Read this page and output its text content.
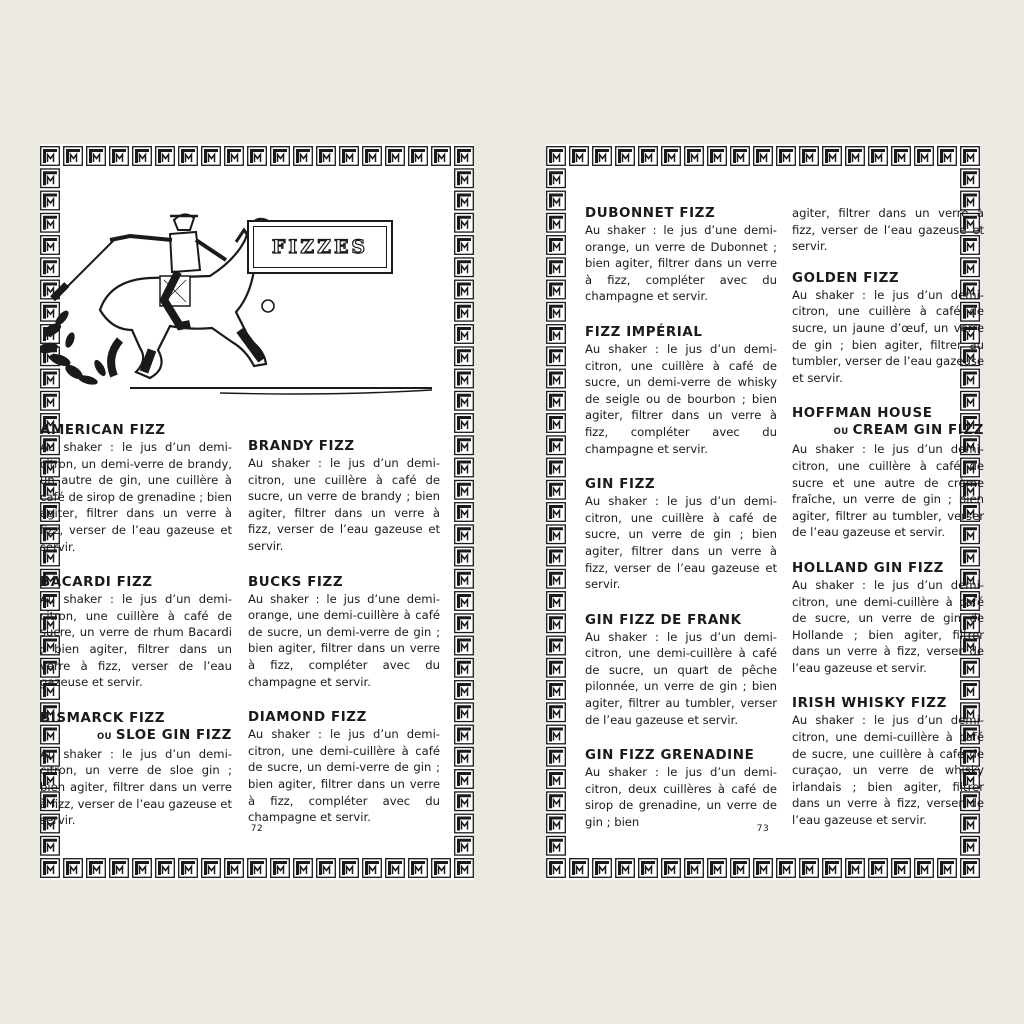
FIZZES
AMERICAN FIZZ

Au shaker : le jus d’un demi-citron, un demi-verre de brandy, un autre de gin, une cuillère à café de sirop de grenadine ; bien agiter, filtrer dans un verre à fizz, verser de l’eau gazeuse et servir.

BACARDI FIZZ

Au shaker : le jus d’un demi-citron, une cuillère à café de sucre, un verre de rhum Bacardi ; bien agiter, filtrer dans un verre à fizz, verser de l’eau gazeuse et servir.

BISMARCK FIZZ
OU SLOE GIN FIZZ

Au shaker : le jus d’un demi-citron, un verre de sloe gin ; bien agiter, filtrer dans un verre à fizz, verser de l’eau gazeuse et servir.

BRANDY FIZZ

Au shaker : le jus d’un demi-citron, une cuillère à café de sucre, un verre de brandy ; bien agiter, filtrer dans un verre à fizz, verser de l’eau gazeuse et servir.

BUCKS FIZZ

Au shaker : le jus d’une demi-orange, une demi-cuillère à café de sucre, un demi-verre de gin ; bien agiter, filtrer dans un verre à fizz, compléter avec du champagne et servir.

DIAMOND FIZZ

Au shaker : le jus d’un demi-citron, une demi-cuillère à café de sucre, un demi-verre de gin ; bien agiter, filtrer dans un verre à fizz, compléter avec du champagne et servir.

72
DUBONNET FIZZ

Au shaker : le jus d’une demi-orange, un verre de Dubonnet ; bien agiter, filtrer dans un verre à fizz, compléter avec du champagne et servir.

FIZZ IMPÉRIAL

Au shaker : le jus d’un demi-citron, une cuillère à café de sucre, un demi-verre de whisky de seigle ou de bourbon ; bien agiter, filtrer dans un verre à fizz, compléter avec du champagne et servir.

GIN FIZZ

Au shaker : le jus d’un demi-citron, une cuillère à café de sucre, un verre de gin ; bien agiter, filtrer dans un verre à fizz, verser de l’eau gazeuse et servir.

GIN FIZZ DE FRANK

Au shaker : le jus d’un demi-citron, une demi-cuillère à café de sucre, un quart de pêche pilonnée, un verre de gin ; bien agiter, filtrer au tumbler, verser de l’eau gazeuse et servir.

GIN FIZZ GRENADINE

Au shaker : le jus d’un demi-citron, deux cuillères à café de sirop de grenadine, un verre de gin ; bien

agiter, filtrer dans un verre à fizz, verser de l’eau gazeuse et servir.

GOLDEN FIZZ

Au shaker : le jus d’un demi-citron, une cuillère à café de sucre, un jaune d’œuf, un verre de gin ; bien agiter, filtrer au tumbler, verser de l’eau gazeuse et servir.

HOFFMAN HOUSE
OU CREAM GIN FIZZ

Au shaker : le jus d’un demi-citron, une cuillère à café de sucre et une autre de crème fraîche, un verre de gin ; bien agiter, filtrer au tumbler, verser de l’eau gazeuse et servir.

HOLLAND GIN FIZZ

Au shaker : le jus d’un demi-citron, une demi-cuillère à café de sucre, un verre de gin de Hollande ; bien agiter, filtrer dans un verre à fizz, verser de l’eau gazeuse et servir.

IRISH WHISKY FIZZ

Au shaker : le jus d’un demi-citron, une demi-cuillère à café de sucre, une cuillère à café de curaçao, un verre de whisky irlandais ; bien agiter, filtrer dans un verre à fizz, verser de l’eau gazeuse et servir.

73
